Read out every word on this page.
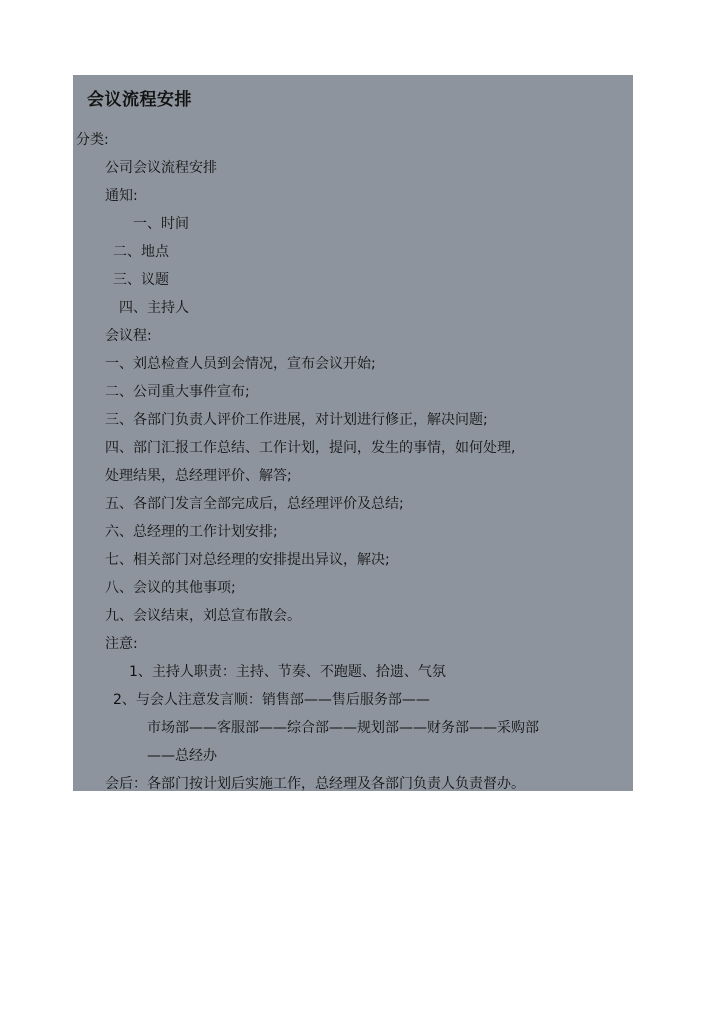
会议流程安排

分类:

公司会议流程安排

通知:

一、时间

二、地点

三、议题

四、主持人

会议程:

一、刘总检查人员到会情况，宣布会议开始;

二、公司重大事件宣布;

三、各部门负责人评价工作进展，对计划进行修正，解决问题;

四、部门汇报工作总结、工作计划，提问，发生的事情，如何处理,

处理结果，总经理评价、解答;

五、各部门发言全部完成后，总经理评价及总结;

六、总经理的工作计划安排;

七、相关部门对总经理的安排提出异议，解决;

八、会议的其他事项;

九、会议结束，刘总宣布散会。

注意:

1、主持人职责：主持、节奏、不跑题、拾遗、气氛

2、与会人注意发言顺：销售部——售后服务部——

市场部——客服部——综合部——规划部——财务部——采购部

——总经办

会后：各部门按计划后实施工作，总经理及各部门负责人负责督办。
